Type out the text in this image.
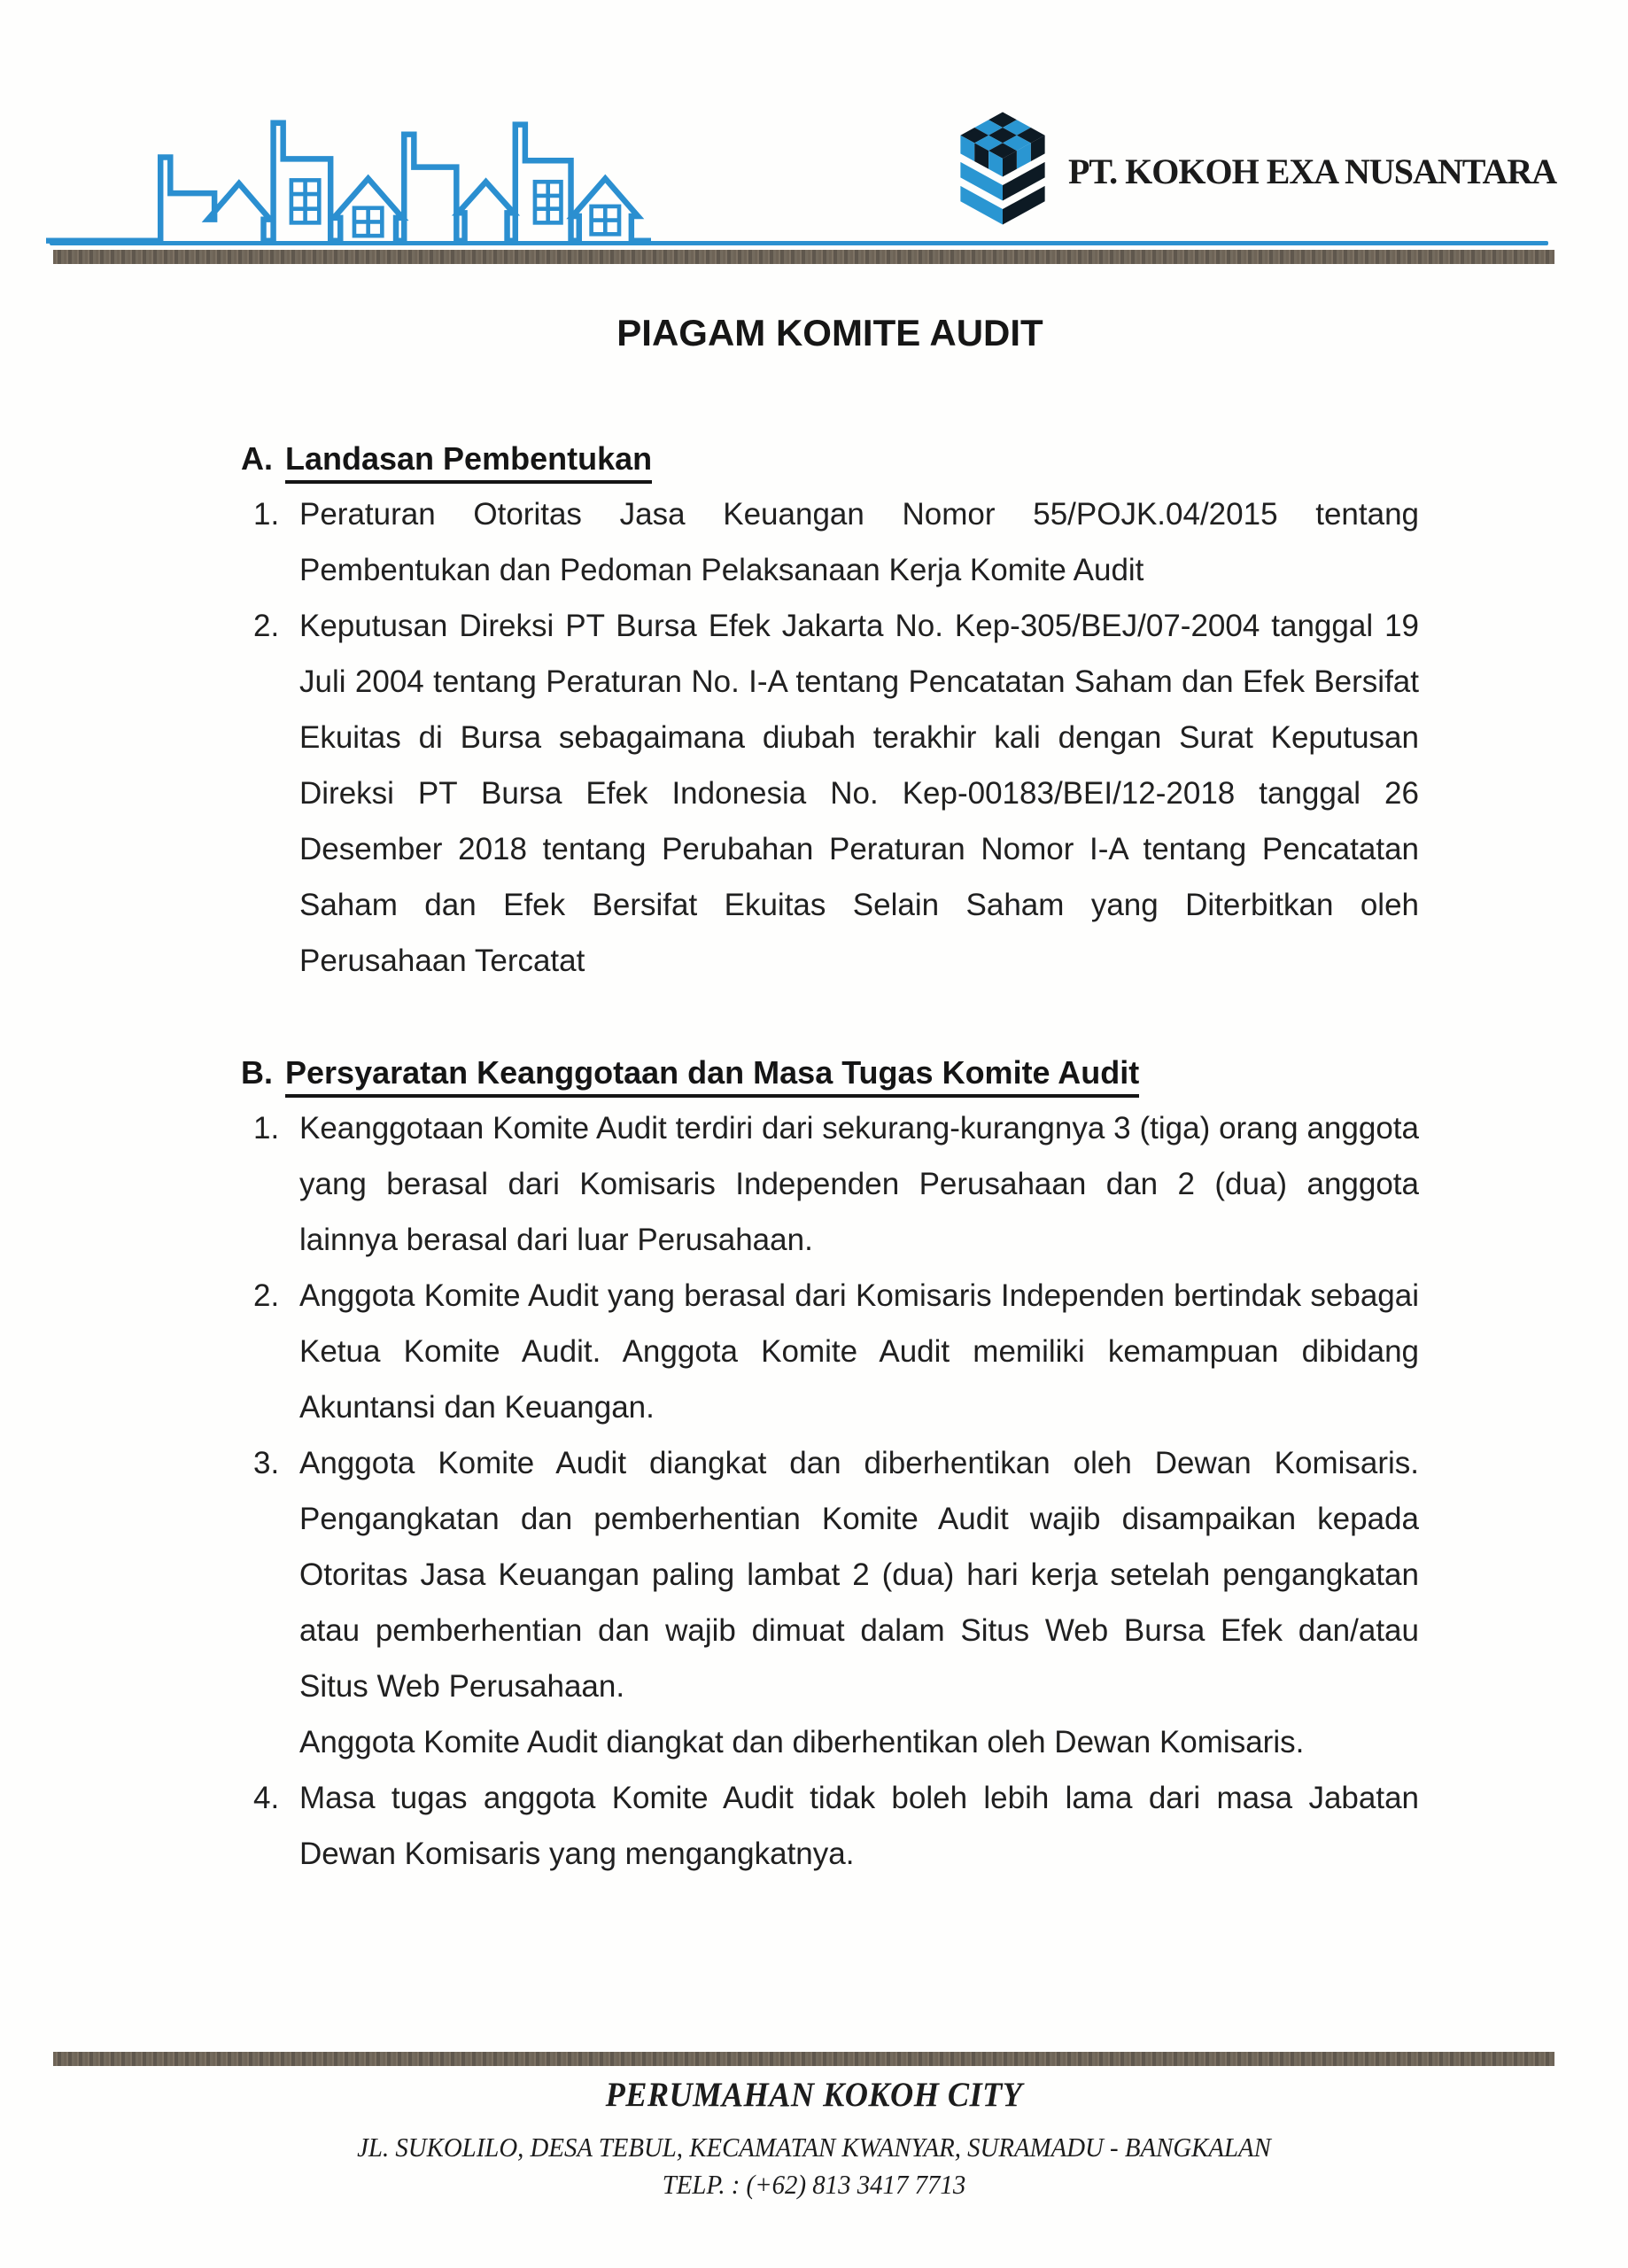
PT. KOKOH EXA NUSANTARA
PIAGAM KOMITE AUDIT
A. Landasan Pembentukan
1. Peraturan Otoritas Jasa Keuangan Nomor 55/POJK.04/2015 tentang Pembentukan dan Pedoman Pelaksanaan Kerja Komite Audit
2. Keputusan Direksi PT Bursa Efek Jakarta No. Kep-305/BEJ/07-2004 tanggal 19 Juli 2004 tentang Peraturan No. I-A tentang Pencatatan Saham dan Efek Bersifat Ekuitas di Bursa sebagaimana diubah terakhir kali dengan Surat Keputusan Direksi PT Bursa Efek Indonesia No. Kep-00183/BEI/12-2018 tanggal 26 Desember 2018 tentang Perubahan Peraturan Nomor I-A tentang Pencatatan Saham dan Efek Bersifat Ekuitas Selain Saham yang Diterbitkan oleh Perusahaan Tercatat
B. Persyaratan Keanggotaan dan Masa Tugas Komite Audit
1. Keanggotaan Komite Audit terdiri dari sekurang-kurangnya 3 (tiga) orang anggota yang berasal dari Komisaris Independen Perusahaan dan 2 (dua) anggota lainnya berasal dari luar Perusahaan.
2. Anggota Komite Audit yang berasal dari Komisaris Independen bertindak sebagai Ketua Komite Audit. Anggota Komite Audit memiliki kemampuan dibidang Akuntansi dan Keuangan.
3. Anggota Komite Audit diangkat dan diberhentikan oleh Dewan Komisaris. Pengangkatan dan pemberhentian Komite Audit wajib disampaikan kepada Otoritas Jasa Keuangan paling lambat 2 (dua) hari kerja setelah pengangkatan atau pemberhentian dan wajib dimuat dalam Situs Web Bursa Efek dan/atau Situs Web Perusahaan.
Anggota Komite Audit diangkat dan diberhentikan oleh Dewan Komisaris.
4. Masa tugas anggota Komite Audit tidak boleh lebih lama dari masa Jabatan Dewan Komisaris yang mengangkatnya.
PERUMAHAN KOKOH CITY
JL. SUKOLILO, DESA TEBUL, KECAMATAN KWANYAR, SURAMADU - BANGKALAN
TELP. : (+62) 813 3417 7713
